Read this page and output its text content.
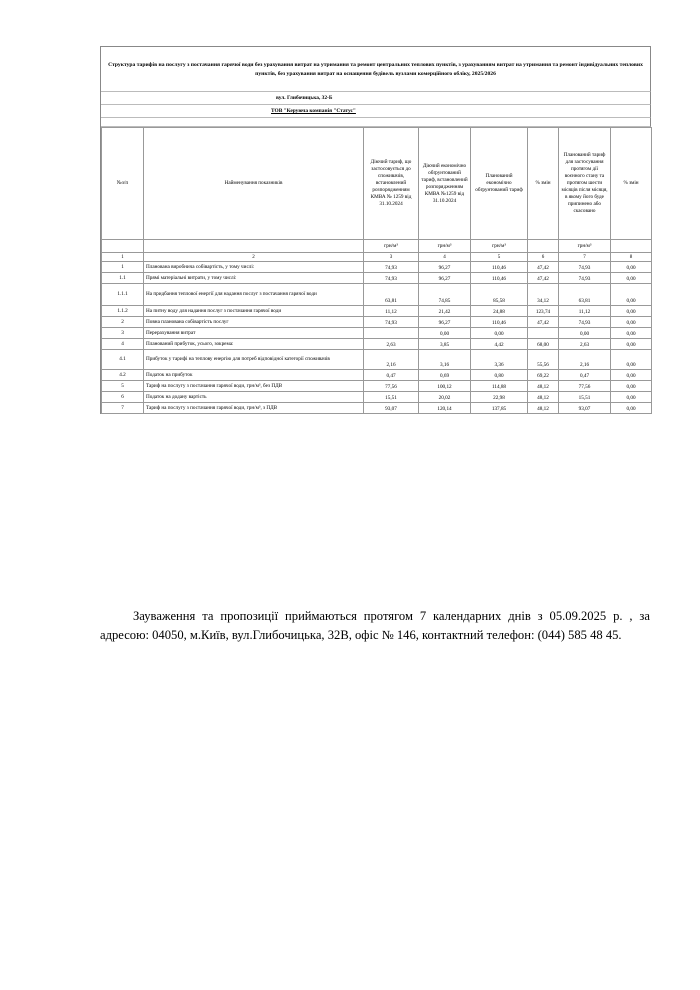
Структура тарифів на послугу з постачання гарячої води без урахування витрат на утримання та ремонт центральних теплових пунктів, з урахуванням витрат на утримання та ремонт індивідуальних теплових пунктів, без урахування витрат на оснащення будівель вузлами комерційного обліку, 2025/2026
вул. Глибочицька, 32-Б
ТОВ "Керуюча компанія "Статус"
№з/п	Найменування показників	Діючий тариф, що застосовується до споживачів, встановлений розпорядженням КМВА № 1259 від 31.10.2024	Діючий економічно обґрунтований тариф, встановлений розпорядженням КМВА №1259 від 31.10.2024	Планований економічно обґрунтований тариф	% змін	Планований тариф для застосування протягом дії воєнного стану та протягом шести місяців після місяця, в якому його буде припинено або скасовано	% змін
		грн/м³	грн/м³	грн/м³		грн/м³	
1	2	3	4	5	6	7	8
1	Планована виробнича собівартість, у тому числі:	74,93	96,27	110,46	47,42	74,93	0,00
1.1	Прямі матеріальні витрати, у тому числі:	74,93	96,27	110,46	47,42	74,93	0,00
1.1.1	На придбання теплової енергії для надання послуг з постачання гарячої води	63,81	74,85	85,58	34,12	63,81	0,00
1.1.2	На питну воду для надання послуг з постачання гарячої води	11,12	21,42	24,88	123,74	11,12	0,00
2	Повна планована собівартість послуг	74,93	96,27	110,46	47,42	74,93	0,00
3	Перерахування витрат		0,00	0,00		0,00	0,00
4	Планований прибуток, усього, зокрема:	2,63	3,85	4,42	68,00	2,63	0,00
4.1	Прибуток у тарифі на теплову енергію для потреб відповідної категорії споживачів	2,16	3,16	3,36	55,56	2,16	0,00
4.2	Податок на прибуток	0,47	0,69	0,80	69,22	0,47	0,00
5	Тариф на послугу з постачання гарячої води, грн/м³, без ПДВ	77,56	100,12	114,88	48,12	77,56	0,00
6	Податок на додану вартість	15,51	20,02	22,98	48,12	15,51	0,00
7	Тариф на послугу з постачання гарячої води, грн/м³, з ПДВ	93,07	120,14	137,85	48,12	93,07	0,00

Зауваження та пропозиції приймаються протягом 7 календарних днів з 05.09.2025 р. , за адресою: 04050, м.Київ, вул.Глибочицька, 32В, офіс № 146, контактний телефон: (044) 585 48 45.
